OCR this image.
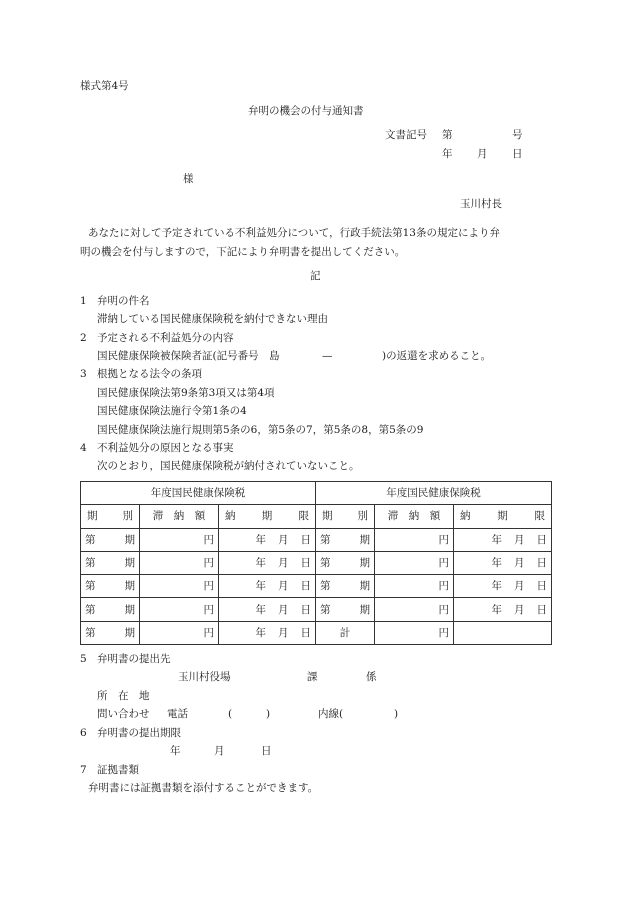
様式第4号
弁明の機会の付与通知書
文書記号 第	号
年 月 日
様
玉川村長
あなたに対して予定されている不利益処分について，行政手続法第13条の規定により弁
明の機会を付与しますので，下記により弁明書を提出してください。
記
1 弁明の件名
滞納している国民健康保険税を納付できない理由
2 予定される不利益処分の内容
国民健康保険被保険者証(記号番号　島	—	)の返還を求めること。
3 根拠となる法令の条項
国民健康保険法第9条第3項又は第4項
国民健康保険法施行令第1条の4
国民健康保険法施行規則第5条の6，第5条の7，第5条の8，第5条の9
4 不利益処分の原因となる事実
次のとおり，国民健康保険税が納付されていないこと。
年度国民健康保険税			年度国民健康保険税		

期 別	滞　納　額	納 期 限	期 別	滞　納　額	納 期 限

第 期	円	年 月 日	第 期	円	年 月 日

第 期	円	年 月 日	第 期	円	年 月 日

第 期	円	年 月 日	第 期	円	年 月 日

第 期	円	年 月 日	第 期	円	年 月 日

第 期	円	年 月 日	計	円	
5 弁明書の提出先
玉川村役場	課	係
所　在　地
問い合わせ 電話	(	)	内線(	)
6 弁明書の提出期限
年	月	日
7 証拠書類
弁明書には証拠書類を添付することができます。
